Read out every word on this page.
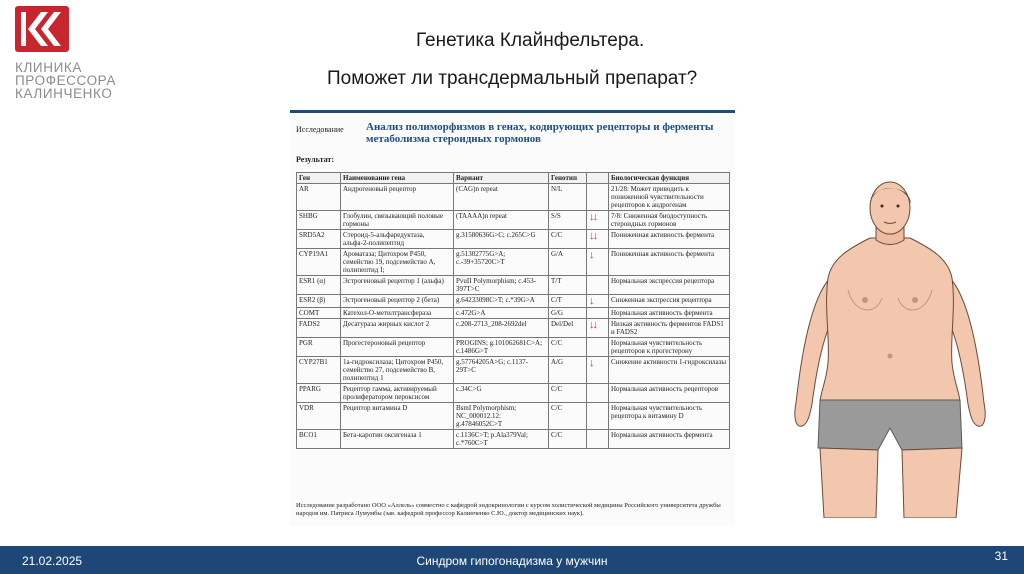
КЛИНИКА
ПРОФЕССОРА
КАЛИНЧЕНКО
Генетика Клайнфельтера.
Поможет ли трансдермальный препарат?
Исследование Анализ полиморфизмов в генах, кодирующих рецепторы и ферменты метаболизма стероидных гормонов
Результат:
Ген	Наименование гена	Вариант	Генотип		Биологическая функция
AR	Андрогеновый рецептор	(CAG)n repeat	N/L		21/28: Может приводить к пониженной чувствительности рецепторов к андрогенам
SHBG	Глобулин, связывающий половые гормоны	(TAAAA)n repeat	S/S	↓↓	7/8: Сниженная биодоступность стероидных гормонов
SRD5A2	Стероид-5-альфаредуктаза, альфа-2-полипептид	g.31580636G>C; c.265C>G	C/C	↓↓	Пониженная активность фермента
CYP19A1	Ароматаза; Цитохром Р450, семейство 19, подсемейство А, полипептид I;	g.51302775G>A; c.-39+35720C>T	G/A	↓	Пониженная активность фермента
ESR1 (α)	Эстрогеновый рецептор 1 (альфа)	PvuII Polymorphism; c.453-397T>C	T/T		Нормальная экспрессия рецептора
ESR2 (β)	Эстрогеновый рецептор 2 (бета)	g.64233098C>T; c.*39G>A	C/T	↓	Сниженная экспрессия рецептора
COMT	Катехол-О-метилтрансфераза	c.472G>A	G/G		Нормальная активность фермента
FADS2	Десатураза жирных кислот 2	c.208-2713_208-2692del	Del/Del	↓↓	Низкая активность ферментов FADS1 и FADS2
PGR	Прогестероновый рецептор	PROGINS; g.101062681C>A; c.1486G>T	C/C		Нормальная чувствительность рецепторов к прогестерону
CYP27B1	1а-гидроксилаза; Цитохром Р450, семейство 27, подсемейство В, полипептид 1	g.57764205A>G; c.1137-29T>C	A/G	↓	Снижение активности 1-гидроксилазы
PPARG	Рецептор гамма, активируемый пролифератором пероксисом	c.34C>G	C/C		Нормальная активность рецепторов
VDR	Рецептор витамина D	BsmI Polymorphism; NC_000012.12: g.47846052C>T	C/C		Нормальная чувствительность рецептора к витамину D
BCO1	Бета-каротин оксигеназа 1	c.1136C>T; p.Ala379Val; c.*760C>T	C/C		Нормальная активность фермента
Исследование разработано ООО «Аллель» совместно с кафедрой эндокринологии с курсом холистической медицины Российского университета дружбы народов им. Патриса Лумумбы (зав. кафедрой профессор Калинченко С.Ю., доктор медицинских наук).
21.02.2025	Синдром гипогонадизма у мужчин	31
